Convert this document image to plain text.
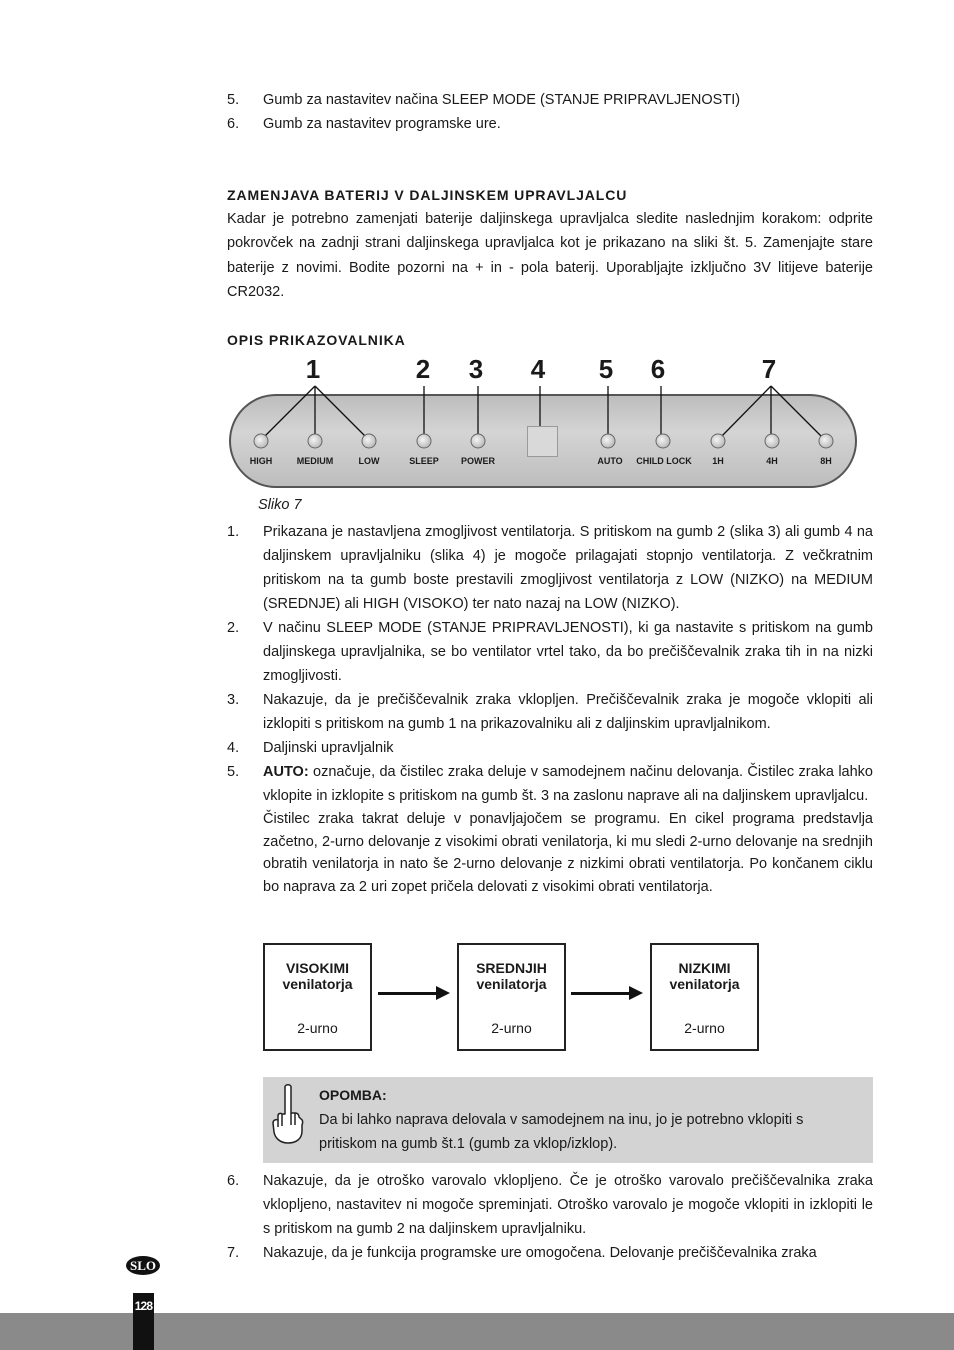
5.	Gumb za nastavitev načina SLEEP MODE (STANJE PRIPRAVLJENOSTI)
6.	Gumb za nastavitev programske ure.
ZAMENJAVA BATERIJ V DALJINSKEM UPRAVLJALCU
Kadar je potrebno zamenjati baterije daljinskega upravljalca sledite naslednjim korakom: odprite pokrovček na zadnji strani daljinskega upravljalca kot je prikazano na sliki št. 5. Zamenjajte stare baterije z novimi. Bodite pozorni na + in - pola baterij. Uporabljajte izključno 3V litijeve baterije CR2032.
OPIS PRIKAZOVALNIKA
1	2 3 4 5 6	7
HIGH	MEDIUM	LOW	SLEEP POWER	AUTO CHILD LOCK 1H	4H	8H
Sliko 7
1.	Prikazana je nastavljena zmogljivost ventilatorja. S pritiskom na gumb 2 (slika 3) ali gumb 4 na daljinskem upravljalniku (slika 4) je mogoče prilagajati stopnjo ventilatorja. Z večkratnim pritiskom na ta gumb boste prestavili zmogljivost ventilatorja z LOW (NIZKO) na MEDIUM (SREDNJE) ali HIGH (VISOKO) ter nato nazaj na LOW (NIZKO).
2.	V načinu SLEEP MODE (STANJE PRIPRAVLJENOSTI), ki ga nastavite s pritiskom na gumb daljinskega upravljalnika, se bo ventilator vrtel tako, da bo prečiščevalnik zraka tih in na nizki zmogljivosti.
3.	Nakazuje, da je prečiščevalnik zraka vklopljen. Prečiščevalnik zraka je mogoče vklopiti ali izklopiti s pritiskom na gumb 1 na prikazovalniku ali z daljinskim upravljalnikom.
4.	Daljinski upravljalnik
5.	AUTO: označuje, da čistilec zraka deluje v samodejnem načinu delovanja. Čistilec zraka lahko vklopite in izklopite s pritiskom na gumb št. 3 na zaslonu naprave ali na daljinskem upravljalcu.
Čistilec zraka takrat deluje v ponavljajočem se programu. En cikel programa predstavlja začetno, 2-urno delovanje z visokimi obrati venilatorja, ki mu sledi 2-urno delovanje na srednjih obratih venilatorja in nato še 2-urno delovanje z nizkimi obrati ventilatorja. Po končanem ciklu bo naprava za 2 uri zopet pričela delovati z visokimi obrati ventilatorja.
VISOKIMI
venilatorja
2-urno
SREDNJIH
venilatorja
2-urno
NIZKIMI
venilatorja
2-urno
OPOMBA:
Da bi lahko naprava delovala v samodejnem na inu, jo je potrebno vklopiti s pritiskom na gumb št.1 (gumb za vklop/izklop).
6.	Nakazuje, da je otroško varovalo vklopljeno. Če je otroško varovalo prečiščevalnika zraka vklopljeno, nastavitev ni mogoče spreminjati. Otroško varovalo je mogoče vklopiti in izklopiti le s pritiskom na gumb 2 na daljinskem upravljalniku.
7.	Nakazuje, da je funkcija programske ure omogočena. Delovanje prečiščevalnika zraka
SLO
128
